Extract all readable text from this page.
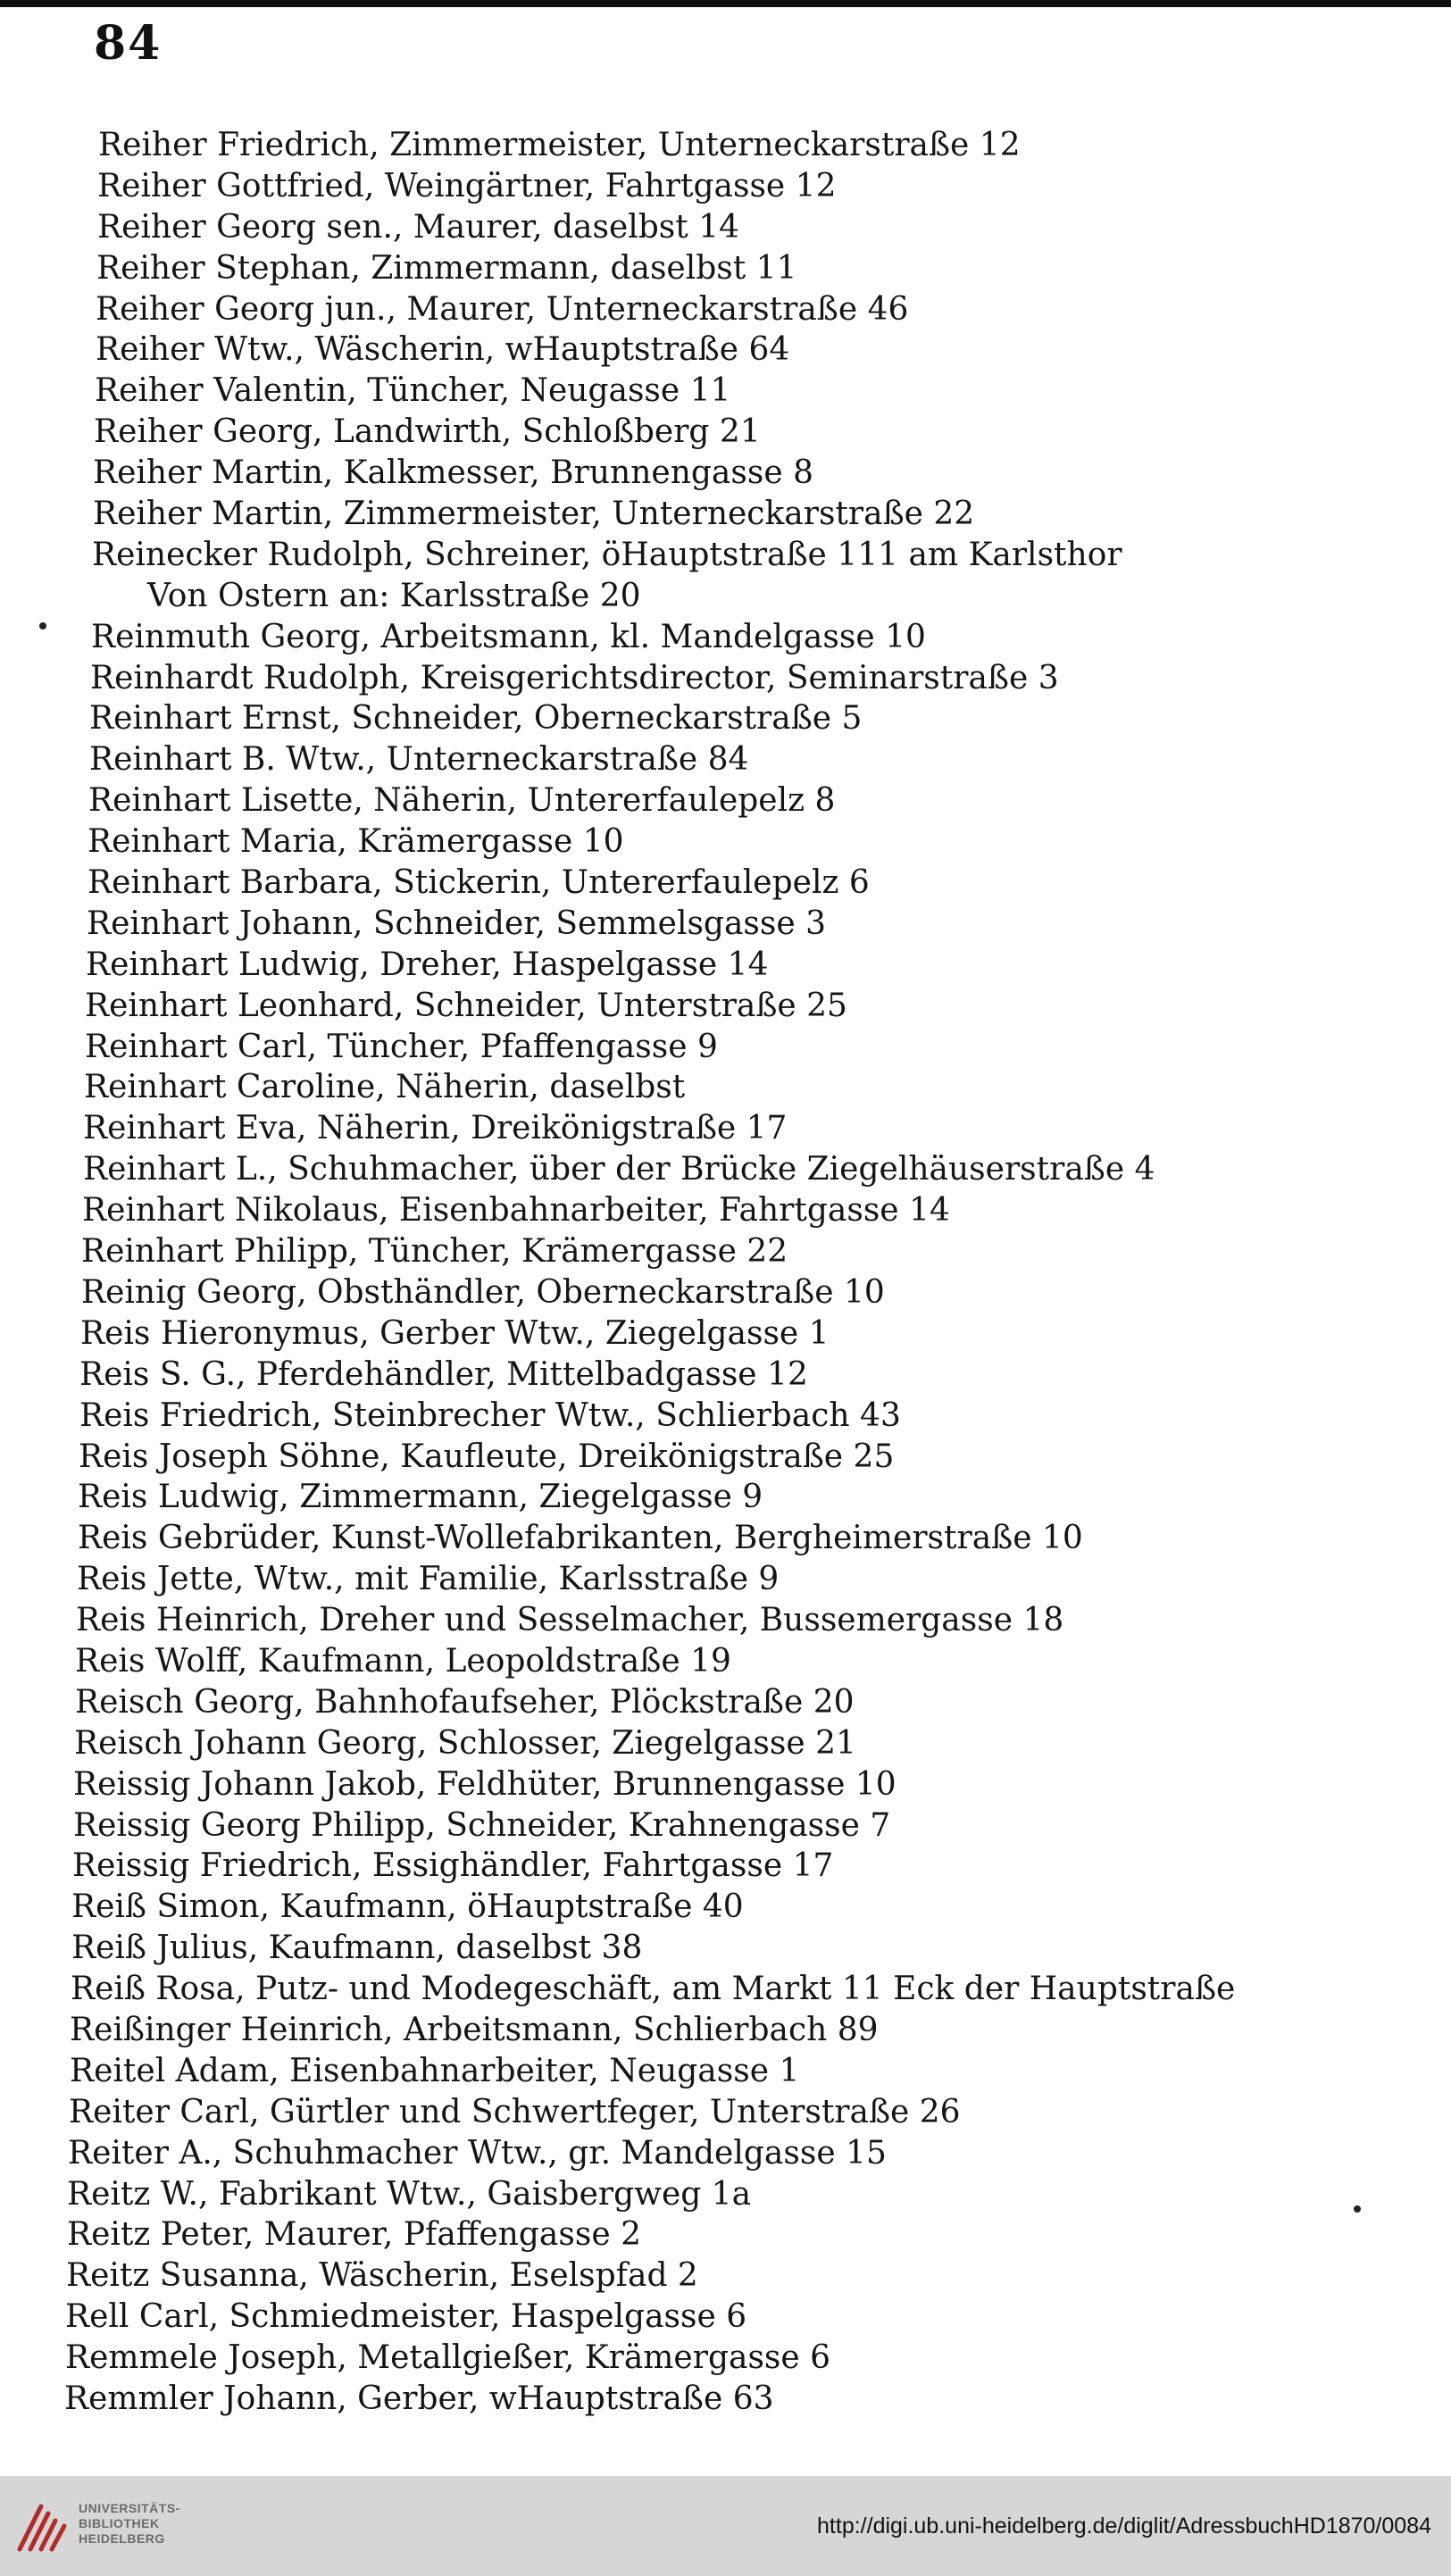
84
Reiher Friedrich, Zimmermeister, Unterneckarstraße 12
Reiher Gottfried, Weingärtner, Fahrtgasse 12
Reiher Georg sen., Maurer, daselbst 14
Reiher Stephan, Zimmermann, daselbst 11
Reiher Georg jun., Maurer, Unterneckarstraße 46
Reiher Wtw., Wäscherin, wHauptstraße 64
Reiher Valentin, Tüncher, Neugasse 11
Reiher Georg, Landwirth, Schloßberg 21
Reiher Martin, Kalkmesser, Brunnengasse 8
Reiher Martin, Zimmermeister, Unterneckarstraße 22
Reinecker Rudolph, Schreiner, öHauptstraße 111 am Karlsthor
Von Ostern an: Karlsstraße 20
Reinmuth Georg, Arbeitsmann, kl. Mandelgasse 10
Reinhardt Rudolph, Kreisgerichtsdirector, Seminarstraße 3
Reinhart Ernst, Schneider, Oberneckarstraße 5
Reinhart B. Wtw., Unterneckarstraße 84
Reinhart Lisette, Näherin, Untererfaulepelz 8
Reinhart Maria, Krämergasse 10
Reinhart Barbara, Stickerin, Untererfaulepelz 6
Reinhart Johann, Schneider, Semmelsgasse 3
Reinhart Ludwig, Dreher, Haspelgasse 14
Reinhart Leonhard, Schneider, Unterstraße 25
Reinhart Carl, Tüncher, Pfaffengasse 9
Reinhart Caroline, Näherin, daselbst
Reinhart Eva, Näherin, Dreikönigstraße 17
Reinhart L., Schuhmacher, über der Brücke Ziegelhäuserstraße 4
Reinhart Nikolaus, Eisenbahnarbeiter, Fahrtgasse 14
Reinhart Philipp, Tüncher, Krämergasse 22
Reinig Georg, Obsthändler, Oberneckarstraße 10
Reis Hieronymus, Gerber Wtw., Ziegelgasse 1
Reis S. G., Pferdehändler, Mittelbadgasse 12
Reis Friedrich, Steinbrecher Wtw., Schlierbach 43
Reis Joseph Söhne, Kaufleute, Dreikönigstraße 25
Reis Ludwig, Zimmermann, Ziegelgasse 9
Reis Gebrüder, Kunst-Wollefabrikanten, Bergheimerstraße 10
Reis Jette, Wtw., mit Familie, Karlsstraße 9
Reis Heinrich, Dreher und Sesselmacher, Bussemergasse 18
Reis Wolff, Kaufmann, Leopoldstraße 19
Reisch Georg, Bahnhofaufseher, Plöckstraße 20
Reisch Johann Georg, Schlosser, Ziegelgasse 21
Reissig Johann Jakob, Feldhüter, Brunnengasse 10
Reissig Georg Philipp, Schneider, Krahnengasse 7
Reissig Friedrich, Essighändler, Fahrtgasse 17
Reiß Simon, Kaufmann, öHauptstraße 40
Reiß Julius, Kaufmann, daselbst 38
Reiß Rosa, Putz- und Modegeschäft, am Markt 11 Eck der Hauptstraße
Reißinger Heinrich, Arbeitsmann, Schlierbach 89
Reitel Adam, Eisenbahnarbeiter, Neugasse 1
Reiter Carl, Gürtler und Schwertfeger, Unterstraße 26
Reiter A., Schuhmacher Wtw., gr. Mandelgasse 15
Reitz W., Fabrikant Wtw., Gaisbergweg 1a
Reitz Peter, Maurer, Pfaffengasse 2
Reitz Susanna, Wäscherin, Eselspfad 2
Rell Carl, Schmiedmeister, Haspelgasse 6
Remmele Joseph, Metallgießer, Krämergasse 6
Remmler Johann, Gerber, wHauptstraße 63
UNIVERSITÄTS-
BIBLIOTHEK
HEIDELBERG	http://digi.ub.uni-heidelberg.de/diglit/AdressbuchHD1870/0084
